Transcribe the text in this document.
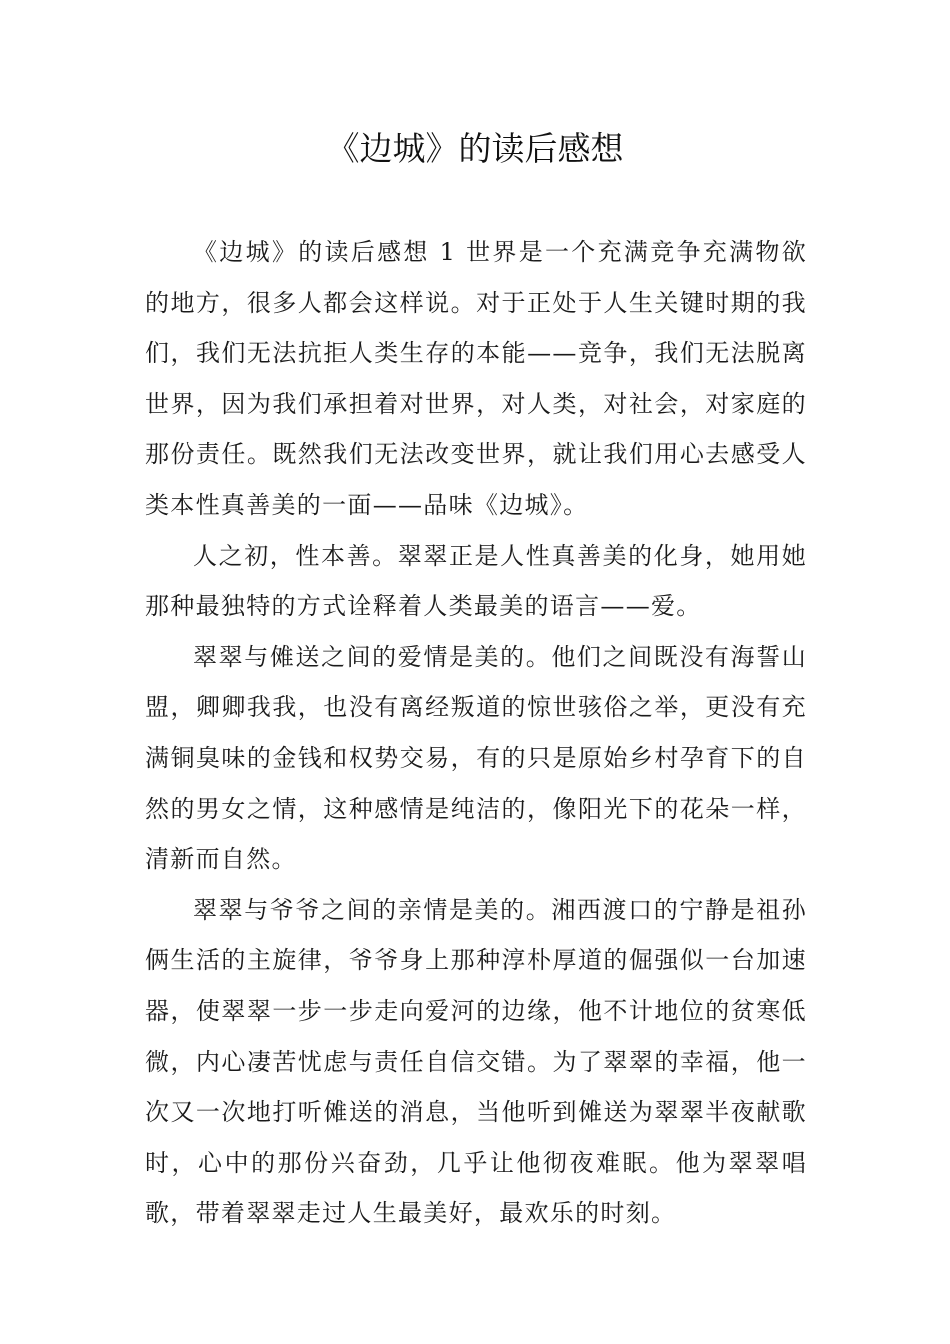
《边城》的读后感想

《边城》的读后感想 1 世界是一个充满竞争充满物欲的地方，很多人都会这样说。对于正处于人生关键时期的我们，我们无法抗拒人类生存的本能——竞争，我们无法脱离世界，因为我们承担着对世界，对人类，对社会，对家庭的那份责任。既然我们无法改变世界，就让我们用心去感受人类本性真善美的一面——品味《边城》。

人之初，性本善。翠翠正是人性真善美的化身，她用她那种最独特的方式诠释着人类最美的语言——爱。

翠翠与傩送之间的爱情是美的。他们之间既没有海誓山盟，卿卿我我，也没有离经叛道的惊世骇俗之举，更没有充满铜臭味的金钱和权势交易，有的只是原始乡村孕育下的自然的男女之情，这种感情是纯洁的，像阳光下的花朵一样，清新而自然。

翠翠与爷爷之间的亲情是美的。湘西渡口的宁静是祖孙俩生活的主旋律，爷爷身上那种淳朴厚道的倔强似一台加速器，使翠翠一步一步走向爱河的边缘，他不计地位的贫寒低微，内心凄苦忧虑与责任自信交错。为了翠翠的幸福，他一次又一次地打听傩送的消息，当他听到傩送为翠翠半夜献歌时，心中的那份兴奋劲，几乎让他彻夜难眠。他为翠翠唱歌，带着翠翠走过人生最美好，最欢乐的时刻。
